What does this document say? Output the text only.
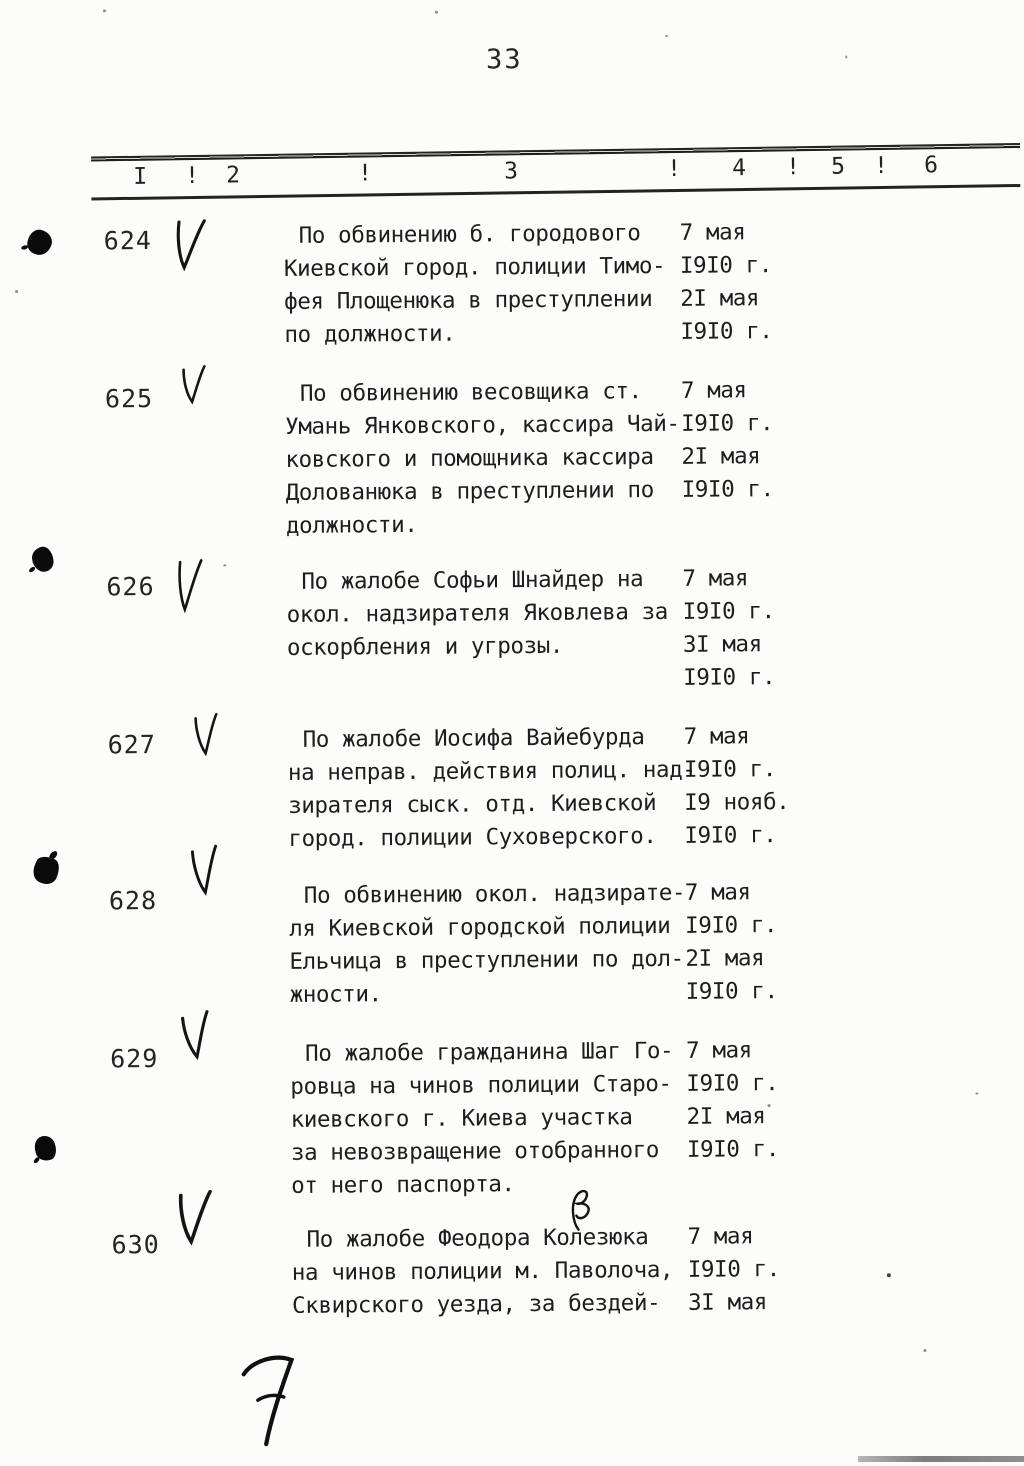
33
I ! 2	!	3	! 4 ! 5 ! 6
624	По обвинению б. городового
Киевской город. полиции Тимо-
фея Площенюка в преступлении
по должности.
7 мая
I9I0 г.
2I мая
I9I0 г.
625	По обвинению весовщика ст.
Умань Янковского, кассира Чай-
ковского и помощника кассира
Долованюка в преступлении по
должности.
7 мая
I9I0 г.
2I мая
I9I0 г.
626	По жалобе Софьи Шнайдер на
окол. надзирателя Яковлева за
оскорбления и угрозы.
7 мая
I9I0 г.
3I мая
I9I0 г.
627	По жалобе Иосифа Вайебурда
на неправ. действия полиц. над-
зирателя сыск. отд. Киевской
город. полиции Суховерского.
7 мая
I9I0 г.
I9 нояб.
I9I0 г.
628	По обвинению окол. надзирате-
ля Киевской городской полиции
Ельчица в преступлении по дол-
жности.
7 мая
I9I0 г.
2I мая
I9I0 г.
629	По жалобе гражданина Шаг Го-
ровца на чинов полиции Старо-
киевского г. Киева участка
за невозвращение отобранного
от него паспорта.
7 мая
I9I0 г.
2I мая
I9I0 г.
630	По жалобе Феодора Колезюка
на чинов полиции м. Паволоча,
Сквирского уезда, за бездей-
7 мая
I9I0 г.
3I мая
